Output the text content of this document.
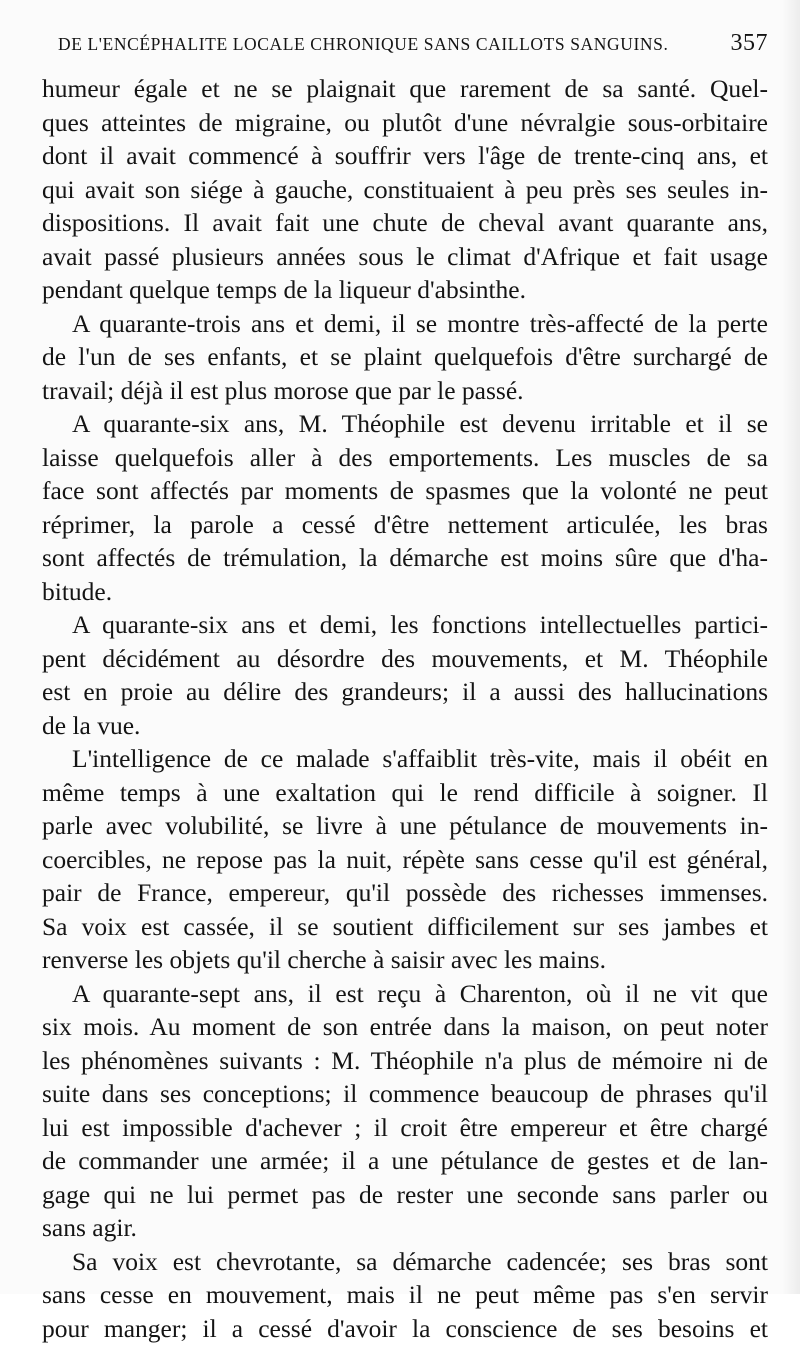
DE L'ENCÉPHALITE LOCALE CHRONIQUE SANS CAILLOTS SANGUINS.	357
humeur égale et ne se plaignait que rarement de sa santé. Quel-
ques atteintes de migraine, ou plutôt d'une névralgie sous-orbitaire
dont il avait commencé à souffrir vers l'âge de trente-cinq ans, et
qui avait son siége à gauche, constituaient à peu près ses seules in-
dispositions. Il avait fait une chute de cheval avant quarante ans,
avait passé plusieurs années sous le climat d'Afrique et fait usage
pendant quelque temps de la liqueur d'absinthe.
A quarante-trois ans et demi, il se montre très-affecté de la perte
de l'un de ses enfants, et se plaint quelquefois d'être surchargé de
travail; déjà il est plus morose que par le passé.
A quarante-six ans, M. Théophile est devenu irritable et il se
laisse quelquefois aller à des emportements. Les muscles de sa
face sont affectés par moments de spasmes que la volonté ne peut
réprimer, la parole a cessé d'être nettement articulée, les bras
sont affectés de trémulation, la démarche est moins sûre que d'ha-
bitude.
A quarante-six ans et demi, les fonctions intellectuelles partici-
pent décidément au désordre des mouvements, et M. Théophile
est en proie au délire des grandeurs; il a aussi des hallucinations
de la vue.
L'intelligence de ce malade s'affaiblit très-vite, mais il obéit en
même temps à une exaltation qui le rend difficile à soigner. Il
parle avec volubilité, se livre à une pétulance de mouvements in-
coercibles, ne repose pas la nuit, répète sans cesse qu'il est général,
pair de France, empereur, qu'il possède des richesses immenses.
Sa voix est cassée, il se soutient difficilement sur ses jambes et
renverse les objets qu'il cherche à saisir avec les mains.
A quarante-sept ans, il est reçu à Charenton, où il ne vit que
six mois. Au moment de son entrée dans la maison, on peut noter
les phénomènes suivants : M. Théophile n'a plus de mémoire ni de
suite dans ses conceptions; il commence beaucoup de phrases qu'il
lui est impossible d'achever ; il croit être empereur et être chargé
de commander une armée; il a une pétulance de gestes et de lan-
gage qui ne lui permet pas de rester une seconde sans parler ou
sans agir.
Sa voix est chevrotante, sa démarche cadencée; ses bras sont
sans cesse en mouvement, mais il ne peut même pas s'en servir
pour manger; il a cessé d'avoir la conscience de ses besoins et
